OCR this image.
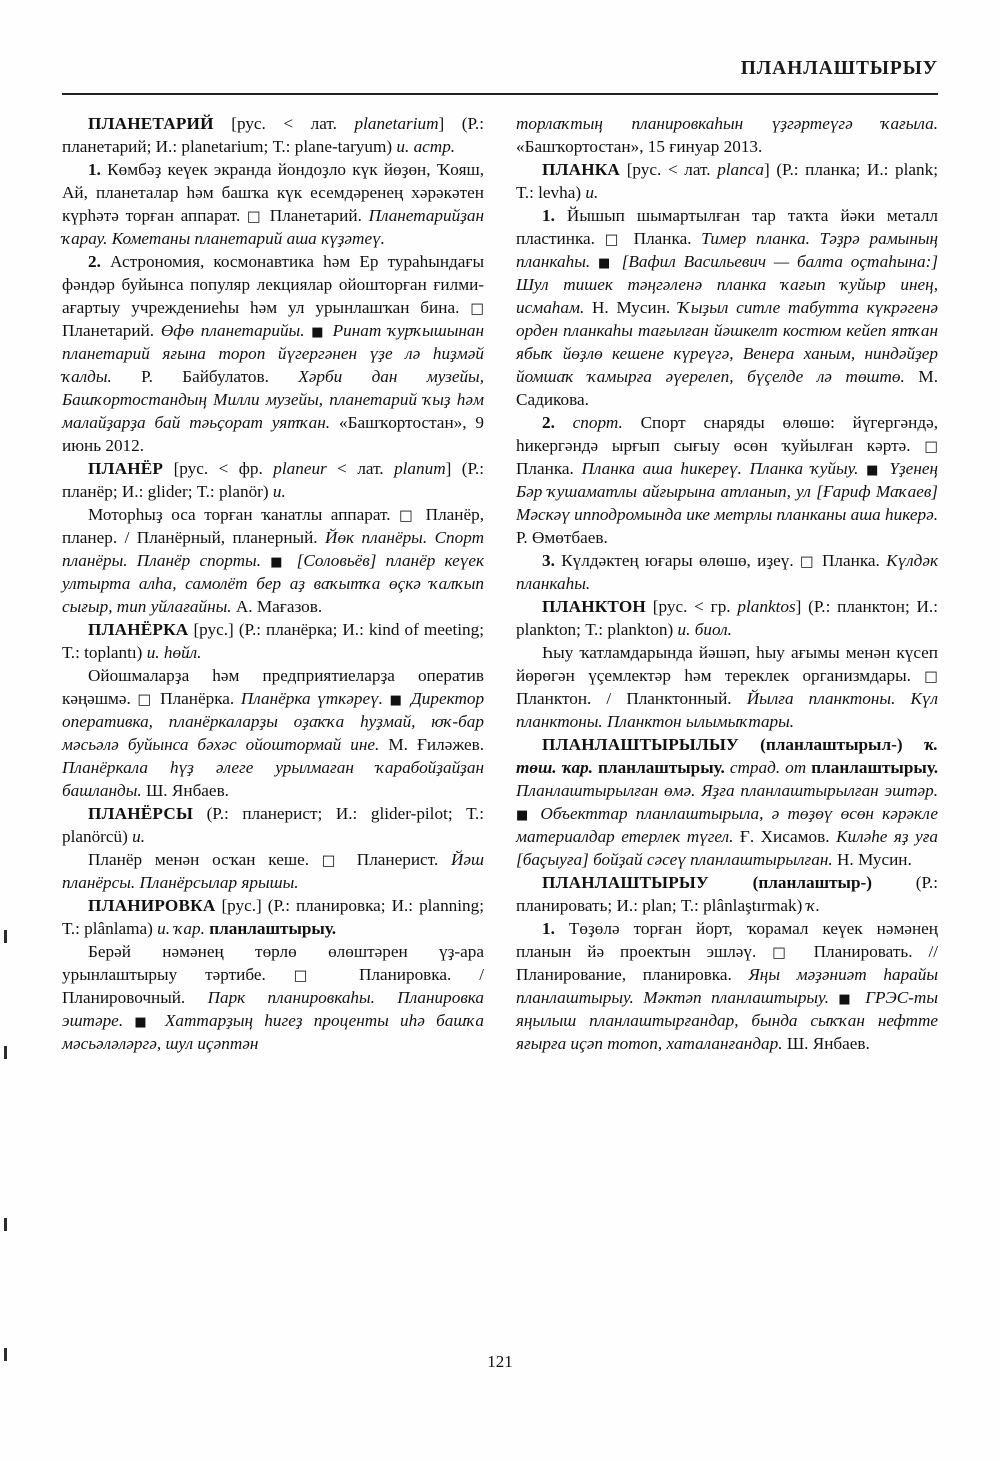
ПЛАНЛАШТЫРЫУ

ПЛАНЕТАРИЙ [рус. < лат. planetarium] (Р.: планетарий; И.: planetarium; Т.: plane-taryum) и. астр.

1. Көмбәҙ кеүек экранда йондоҙло күк йөҙөн, Ҡояш, Ай, планеталар һәм башҡа күк есемдәренең хәрәкәтен күрһәтә торған аппарат. □ Планетарий. Планетарийҙан ҡарау. Кометаны планетарий аша күҙәтеү.

2. Астрономия, космонавтика һәм Ер тураһындағы фәндәр буйынса популяр лекциялар ойошторған ғилми-ағартыу учреждениеһы һәм ул урынлашҡан бина. □ Планетарий. Өфө планетарийы. ■ Ринат ҡурҡышынан планетарий яғына тороп йүгергәнен үҙе лә һиҙмәй ҡалды. Р. Байбулатов. Хәрби дан музейы, Башҡортостандың Милли музейы, планетарий ҡыҙ һәм малайҙарҙа бай тәьҫорат уятҡан. «Башҡортостан», 9 июнь 2012.

ПЛАНЁР [рус. < фр. planeur < лат. planum] (Р.: планёр; И.: glider; Т.: planör) и.

Моторһыҙ оса торған ҡанатлы аппарат. □ Планёр, планер. / Планёрный, планерный. Йөк планёры. Спорт планёры. Планёр спорты. ■ [Соловьёв] планёр кеүек ултырта алһа, самолёт бер аҙ ваҡытҡа өçкә ҡалҡып сығыр, тип уйлағайны. А. Мағазов.

ПЛАНЁРКА [рус.] (Р.: планёрка; И.: kind of meeting; Т.: toplantı) и. һөйл.

Ойошмаларҙа һәм предприятиеларҙа оператив кәңәшмә. □ Планёрка. Планёрка үткәреү. ■ Директор оперативка, планёркаларҙы оҙаҡҡа һуҙмай, юҡ-бар мәсьәлә буйынса бәхәс ойоштормай ине. М. Ғиләжев. Планёркала һүҙ әлеге урылмаған ҡарабойҙайҙан башланды. Ш. Янбаев.

ПЛАНЁРСЫ (Р.: планерист; И.: glider-pilot; Т.: planörcü) и.

Планёр менән осҡан кеше. □ Планерист. Йәш планёрсы. Планёрсылар ярышы.

ПЛАНИРОВКА [рус.] (Р.: планировка; И.: planning; Т.: plânlama) и. ҡар. планлаштырыу.

Берәй нәмәнең төрлө өлөштәрен үҙ-ара урынлаштырыу тәртибе. □ Планировка. / Планировочный. Парк планировкаһы. Планировка эштәре. ■ Хаттарҙың һигеҙ проценты иһә башҡа мәсьәләләргә, шул иçәптән

торлаҡтың планировкаһын үҙгәртеүгә ҡағыла. «Башҡортостан», 15 ғинуар 2013.

ПЛАНКА [рус. < лат. planca] (Р.: планка; И.: plank; Т.: levha) и.

1. Йышып шымартылған тар таҡта йәки металл пластинка. □ Планка. Тимер планка. Тәҙрә рамының планкаһы. ■ [Вафил Васильевич — балта оçтаһына:] Шул тишек тәңгәленә планка ҡағып ҡуйыр инең, исмаһам. Н. Мусин. Ҡыҙыл ситле табутта күкрәгенә орден планкаһы тағылған йәшкелт костюм кейеп ятҡан ябыҡ йөҙлө кешене күреүгә, Венера ханым, ниндәйҙер йомшаҡ ҡамырға әүерелеп, бүçелде лә төштө. М. Садикова.

2. спорт. Спорт снаряды өлөшө: йүгергәндә, һикергәндә ырғып сығыу өсөн ҡуйылған кәртә. □ Планка. Планка аша һикереү. Планка ҡуйыу. ■ Үҙенең Бәр ҡушаматлы айғырына атланып, ул [Ғариф Маҡаев] Мәскәү ипподромында ике метрлы планканы аша һикерә. Р. Өмөтбаев.

3. Күлдәктең юғары өлөшө, иҙеү. □ Планка. Күлдәк планкаһы.

ПЛАНКТОН [рус. < гр. planktos] (Р.: планктон; И.: plankton; Т.: plankton) и. биол.

Һыу ҡатламдарында йәшәп, һыу ағымы менән күсеп йөрөгән үçемлектәр һәм тереклек организмдары. □ Планктон. / Планктонный. Йылға планктоны. Күл планктоны. Планктон ылымыҡтары.

ПЛАНЛАШТЫРЫЛЫУ (планлаштырыл-) ҡ. төш. ҡар. планлаштырыу. страд. от планлаштырыу. Планлаштырылған өмә. Яҙға планлаштырылған эштәр. ■ Объекттар планлаштырыла, ә төҙөү өсөн кәрәкле материалдар етерлек түгел. Ғ. Хисамов. Киләһе яҙ уға [баçыуға] бойҙай сәсеү планлаштырылған. Н. Мусин.

ПЛАНЛАШТЫРЫУ	(планлаштыр-) (Р.: планировать; И.: plan; Т.: plânlaştırmak) ҡ.

1. Төҙөлә торған йорт, ҡорамал кеүек нәмәнең планын йә проектын эшләү. □ Планировать. // Планирование, планировка. Яңы мәҙәниәт һарайы планлаштырыу. Мәктәп планлаштырыу. ■ ГРЭС-ты яңылыш планлаштырғандар, бында сыҡҡан нефтте яғырға иçәп тотоп, хаталанғандар. Ш. Янбаев.

121
